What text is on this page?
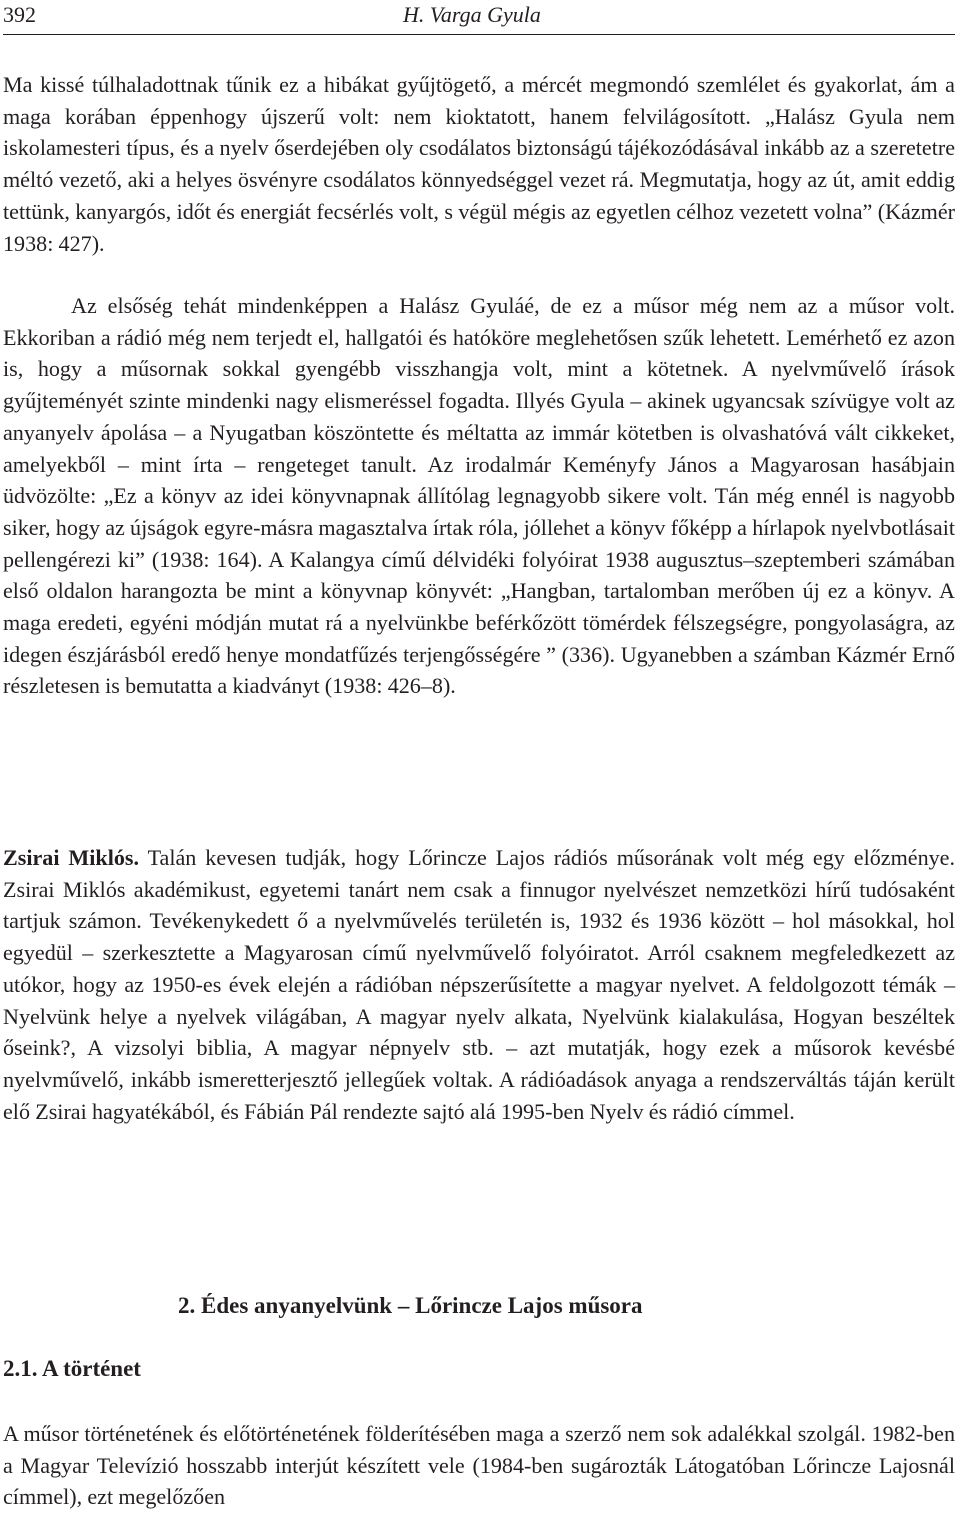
392	H. Varga Gyula

Ma kissé túlhaladottnak tűnik ez a hibákat gyűjtögető, a mércét megmondó szemlélet és gyakorlat, ám a maga korában éppenhogy újszerű volt: nem kioktatott, hanem felvilágosított. „Halász Gyula nem iskolamesteri típus, és a nyelv őserdejében oly csodálatos biztonságú tájékozódásával inkább az a szeretetre méltó vezető, aki a helyes ösvényre csodálatos könnyedséggel vezet rá. Megmutatja, hogy az út, amit eddig tettünk, kanyargós, időt és energiát fecsérlés volt, s végül mégis az egyetlen célhoz vezetett volna” (Kázmér 1938: 427).

Az elsőség tehát mindenképpen a Halász Gyuláé, de ez a műsor még nem az a műsor volt. Ekkoriban a rádió még nem terjedt el, hallgatói és hatóköre meglehetősen szűk lehetett. Lemérhető ez azon is, hogy a műsornak sokkal gyengébb visszhangja volt, mint a kötetnek. A nyelvművelő írások gyűjteményét szinte mindenki nagy elismeréssel fogadta. Illyés Gyula – akinek ugyancsak szívügye volt az anyanyelv ápolása – a Nyugatban köszöntette és méltatta az immár kötetben is olvashatóvá vált cikkeket, amelyekből – mint írta – rengeteget tanult. Az irodalmár Keményfy János a Magyarosan hasábjain üdvözölte: „Ez a könyv az idei könyvnapnak állítólag legnagyobb sikere volt. Tán még ennél is nagyobb siker, hogy az újságok egyre-másra magasztalva írtak róla, jóllehet a könyv főképp a hírlapok nyelvbotlásait pellengérezi ki” (1938: 164). A Kalangya című délvidéki folyóirat 1938 augusztus–szeptemberi számában első oldalon harangozta be mint a könyvnap könyvét: „Hangban, tartalomban merőben új ez a könyv. A maga eredeti, egyéni módján mutat rá a nyelvünkbe beférkőzött tömérdek félszegségre, pongyolaságra, az idegen észjárásból eredő henye mondatfűzés terjengősségére ” (336). Ugyanebben a számban Kázmér Ernő részletesen is bemutatta a kiadványt (1938: 426–8).

Zsirai Miklós. Talán kevesen tudják, hogy Lőrincze Lajos rádiós műsorának volt még egy előzménye. Zsirai Miklós akadémikust, egyetemi tanárt nem csak a finnugor nyelvészet nemzetközi hírű tudósaként tartjuk számon. Tevékenykedett ő a nyelvművelés területén is, 1932 és 1936 között – hol másokkal, hol egyedül – szerkesztette a Magyarosan című nyelvművelő folyóiratot. Arról csaknem megfeledkezett az utókor, hogy az 1950-es évek elején a rádióban népszerűsítette a magyar nyelvet. A feldolgozott témák – Nyelvünk helye a nyelvek világában, A magyar nyelv alkata, Nyelvünk kialakulása, Hogyan beszéltek őseink?, A vizsolyi biblia, A magyar népnyelv stb. – azt mutatják, hogy ezek a műsorok kevésbé nyelvművelő, inkább ismeretterjesztő jellegűek voltak. A rádióadások anyaga a rendszerváltás táján került elő Zsirai hagyatékából, és Fábián Pál rendezte sajtó alá 1995-ben Nyelv és rádió címmel.

2. Édes anyanyelvünk – Lőrincze Lajos műsora
2.1. A történet

A műsor történetének és előtörténetének földerítésében maga a szerző nem sok adalékkal szolgál. 1982-ben a Magyar Televízió hosszabb interjút készített vele (1984-ben sugározták Látogatóban Lőrincze Lajosnál címmel), ezt megelőzően
